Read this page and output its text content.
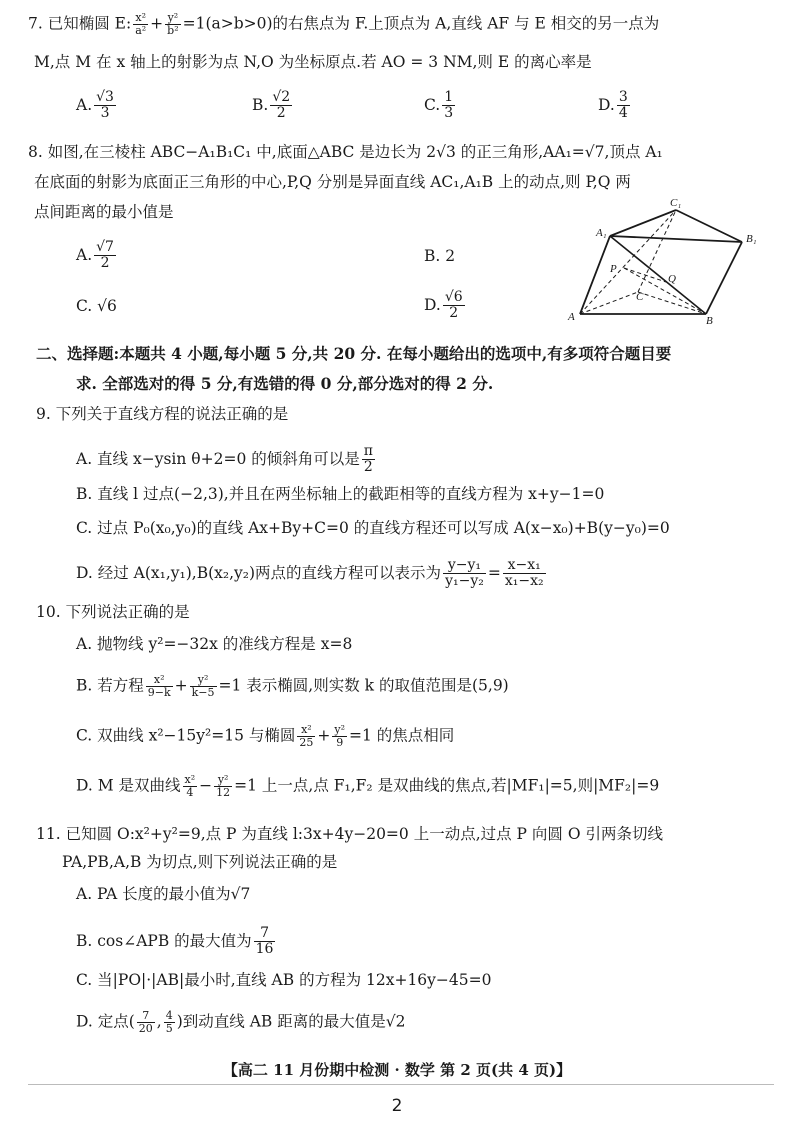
7. 已知椭圆 E: $\frac{\text{x²}}{\text{a²}} + \frac{\text{y²}}{\text{b²}} =1(a>b>0)$的右焦点为 F.上顶点为 A,直线 AF 与 E 相交的另一点为
M,点 M 在 x 轴上的射影为点 N,O 为坐标原点.若 AO = 3 NM,则 E 的离心率是
A. $\frac{√3}{3}$	B. $\frac{√2}{2}$	C. $\frac{1}{3}$	D. $\frac{3}{4}$
8. 如图,在三棱柱 ABC−A₁B₁C₁ 中,底面△ABC 是边长为 2√3 的正三角形,AA₁=√7,顶点 A₁
在底面的射影为底面正三角形的中心,P,Q 分别是异面直线 AC₁,A₁B 上的动点,则 P,Q 两
点间距离的最小值是
A. $\frac{√7}{2}$	B. 2
C. √6	D. $\frac{√6}{2}$
C₁
A₁	B₁
P
Q
C
A	B
二、选择题:本题共 4 小题,每小题 5 分,共 20 分. 在每小题给出的选项中,有多项符合题目要
求. 全部选对的得 5 分,有选错的得 0 分,部分选对的得 2 分.
9. 下列关于直线方程的说法正确的是
A. 直线 x−ysin θ+2=0 的倾斜角可以是 $\frac{\pi}{2}$
B. 直线 l 过点(−2,3),并且在两坐标轴上的截距相等的直线方程为 x+y−1=0
C. 过点 P₀(x₀,y₀)的直线 Ax+By+C=0 的直线方程还可以写成 A(x−x₀)+B(y−y₀)=0
D. 经过 A(x₁,y₁),B(x₂,y₂)两点的直线方程可以表示为 $\frac{\text{y−y₁}}{\text{y₁−y₂}} = \frac{\text{x−x₁}}{\text{x₁−x₂}}$
10. 下列说法正确的是
A. 抛物线 y²=−32x 的准线方程是 x=8
B. 若方程 $\frac{\text{x²}}{9-k} + \frac{\text{y²}}{k-5} =1$ 表示椭圆,则实数 k 的取值范围是(5,9)
C. 双曲线 x²−15y²=15 与椭圆 $\frac{\text{x²}}{25} + \frac{\text{y²}}{9} =1$ 的焦点相同
D. M 是双曲线 $\frac{\text{x²}}{4} - \frac{\text{y²}}{12} =1$ 上一点,点 F₁,F₂ 是双曲线的焦点,若|MF₁|=5,则|MF₂|=9
11. 已知圆 O:x²+y²=9,点 P 为直线 l:3x+4y−20=0 上一动点,过点 P 向圆 O 引两条切线
PA,PB,A,B 为切点,则下列说法正确的是
A. PA 长度的最小值为√7
B. cos∠APB 的最大值为 $\frac{7}{16}$
C. 当|PO|·|AB|最小时,直线 AB 的方程为 12x+16y−45=0
D. 定点( $\frac{7}{20}$ , $\frac{4}{5}$ )到动直线 AB 距离的最大值是√2
【高二 11 月份期中检测 · 数学 第 2 页(共 4 页)】
2
